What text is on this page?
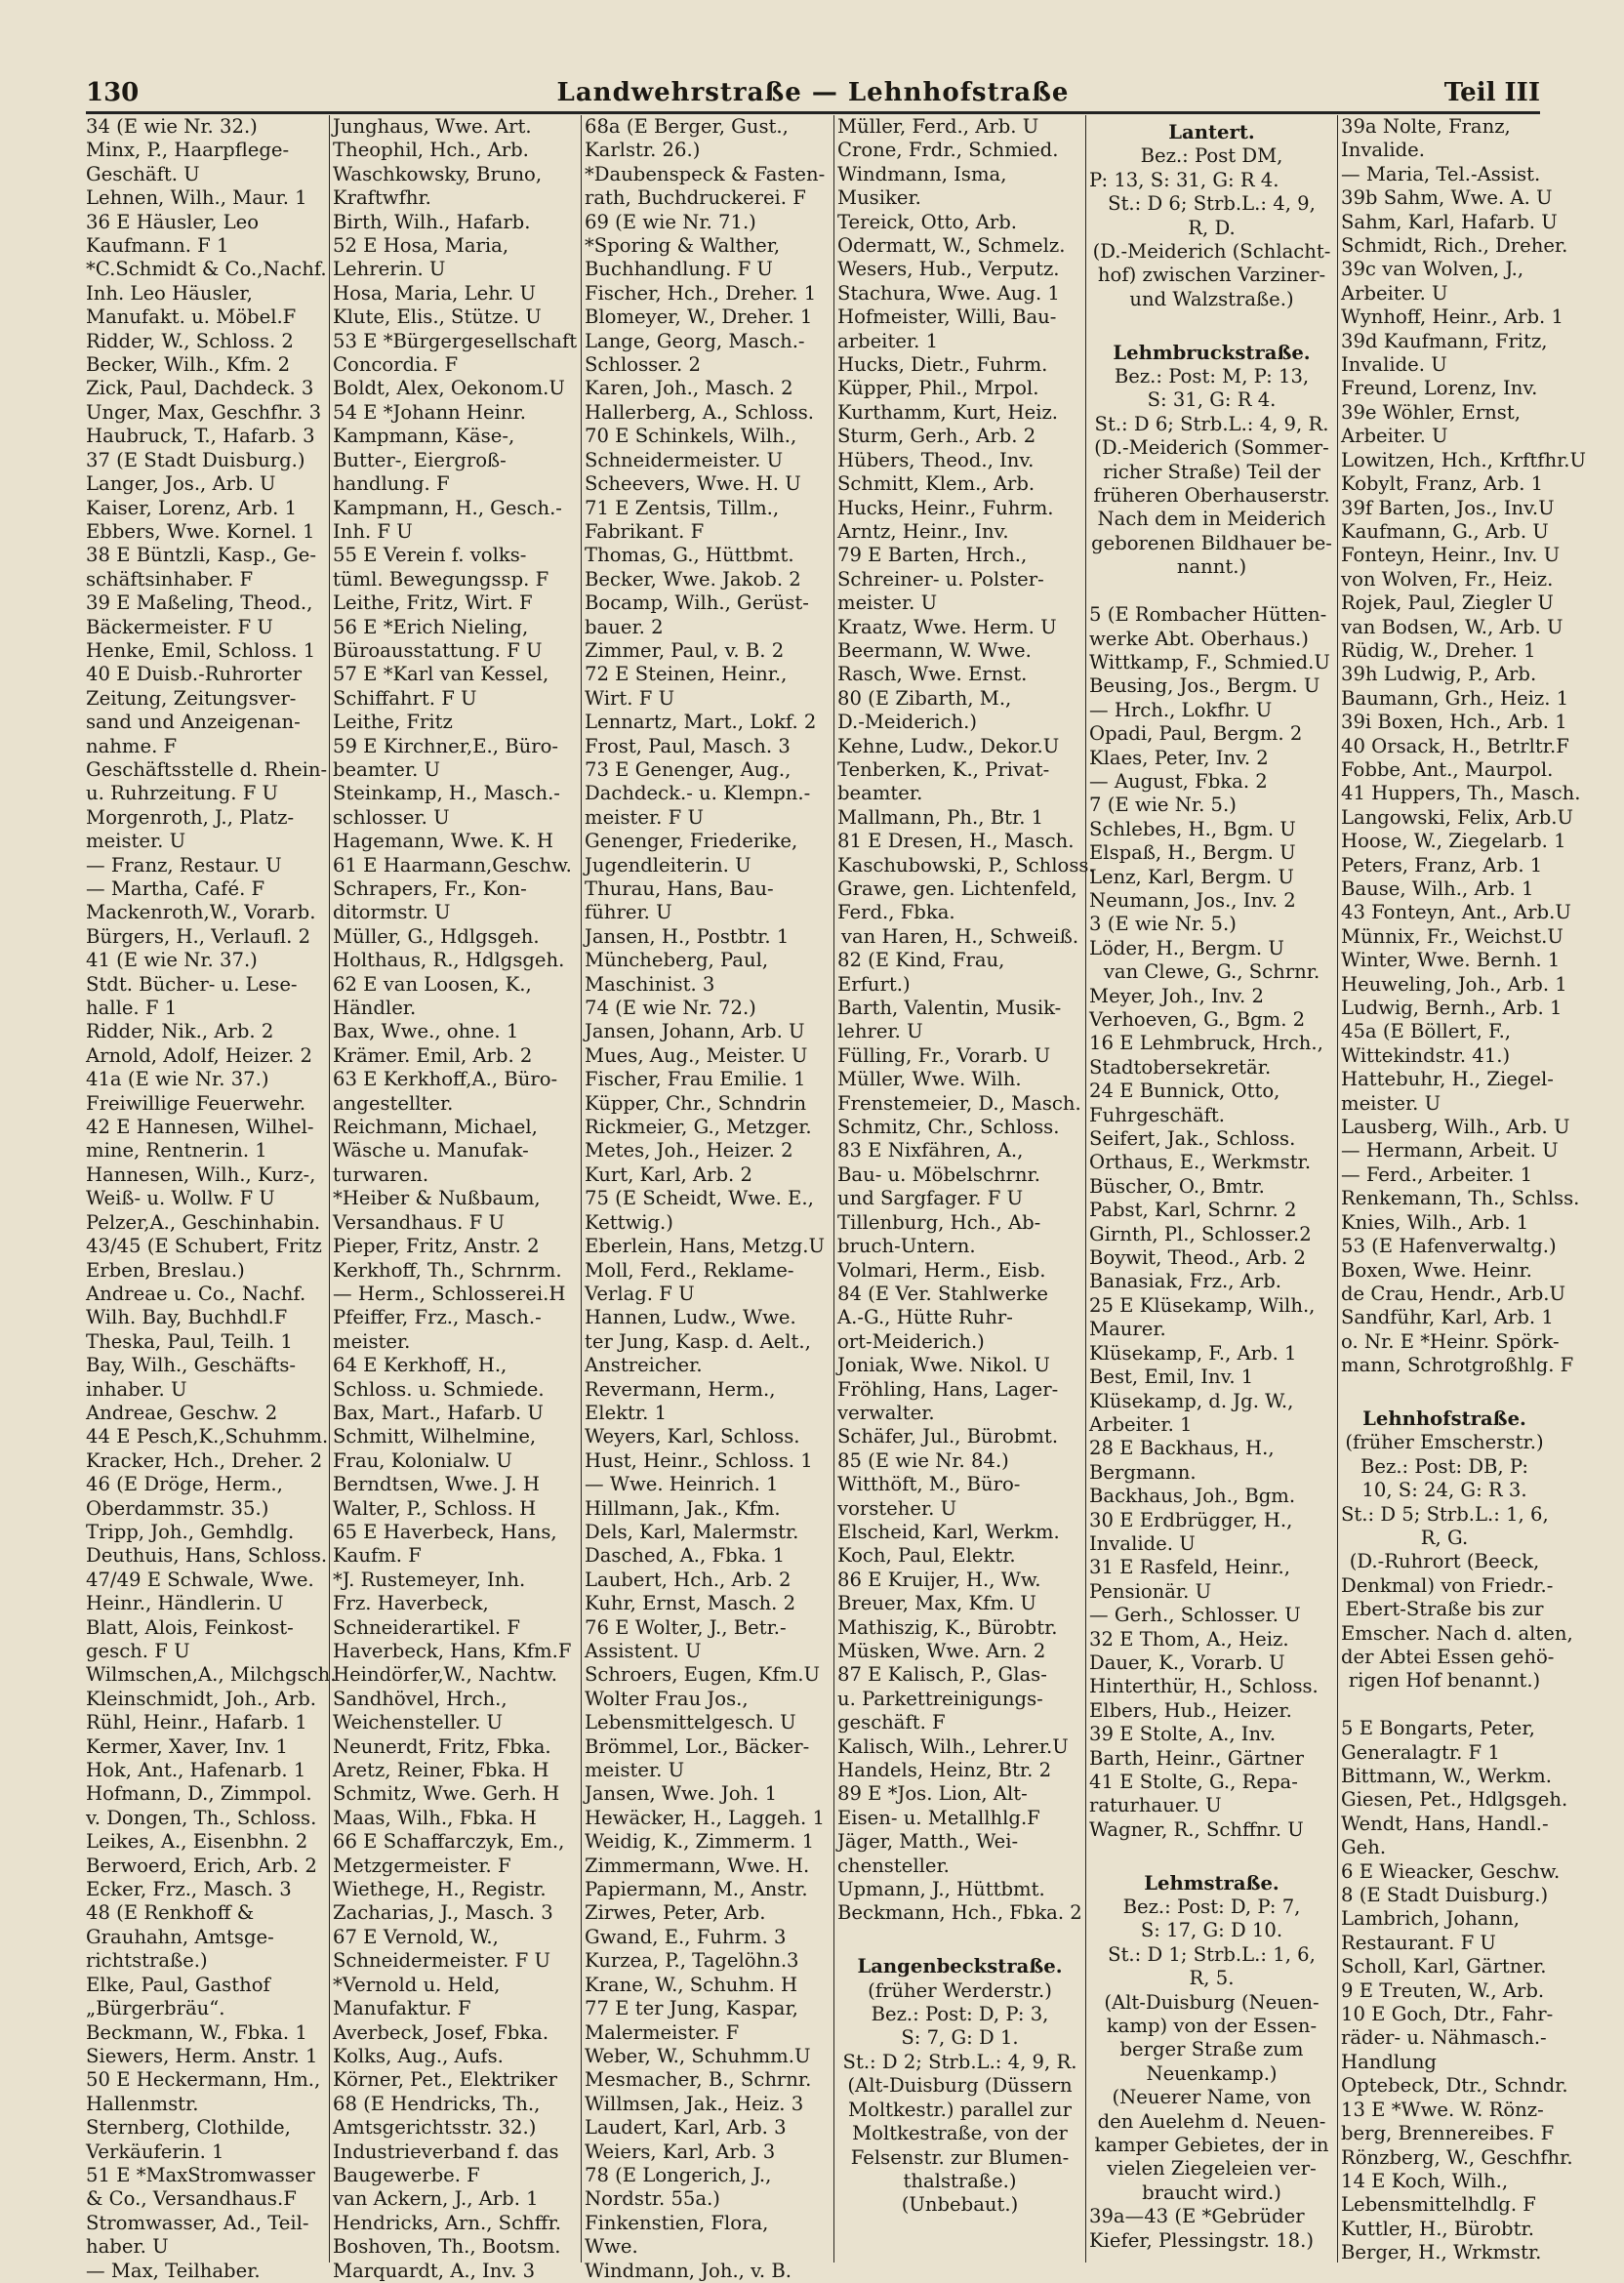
130	Landwehrstraße — Lehnhofstraße	Teil III
34 (E wie Nr. 32.)
Minx, P., Haarpflege-
Geschäft. U
Lehnen, Wilh., Maur. 1
36 E Häusler, Leo
Kaufmann. F 1
*C.Schmidt & Co.,Nachf.
Inh. Leo Häusler,
Manufakt. u. Möbel.F
Ridder, W., Schloss. 2
Becker, Wilh., Kfm. 2
Zick, Paul, Dachdeck. 3
Unger, Max, Geschfhr. 3
Haubruck, T., Hafarb. 3
37 (E Stadt Duisburg.)
Langer, Jos., Arb. U
Kaiser, Lorenz, Arb. 1
Ebbers, Wwe. Kornel. 1
38 E Büntzli, Kasp., Ge-
schäftsinhaber. F
39 E Maßeling, Theod.,
Bäckermeister. F U
Henke, Emil, Schloss. 1
40 E Duisb.-Ruhrorter
Zeitung, Zeitungsver-
sand und Anzeigenan-
nahme. F
Geschäftsstelle d. Rhein-
u. Ruhrzeitung. F U
Morgenroth, J., Platz-
meister. U
— Franz, Restaur. U
— Martha, Café. F
Mackenroth,W., Vorarb.
Bürgers, H., Verlaufl. 2
41 (E wie Nr. 37.)
Stdt. Bücher- u. Lese-
halle. F 1
Ridder, Nik., Arb. 2
Arnold, Adolf, Heizer. 2
41a (E wie Nr. 37.)
Freiwillige Feuerwehr.
42 E Hannesen, Wilhel-
mine, Rentnerin. 1
Hannesen, Wilh., Kurz-,
Weiß- u. Wollw. F U
Pelzer,A., Geschinhabin.
43/45 (E Schubert, Fritz
Erben, Breslau.)
Andreae u. Co., Nachf.
Wilh. Bay, Buchhdl.F
Theska, Paul, Teilh. 1
Bay, Wilh., Geschäfts-
inhaber. U
Andreae, Geschw. 2
44 E Pesch,K.,Schuhmm.
Kracker, Hch., Dreher. 2
46 (E Dröge, Herm.,
Oberdammstr. 35.)
Tripp, Joh., Gemhdlg.
Deuthuis, Hans, Schloss.
47/49 E Schwale, Wwe.
Heinr., Händlerin. U
Blatt, Alois, Feinkost-
gesch. F U
Wilmschen,A., Milchgsch.
Kleinschmidt, Joh., Arb.
Rühl, Heinr., Hafarb. 1
Kermer, Xaver, Inv. 1
Hok, Ant., Hafenarb. 1
Hofmann, D., Zimmpol.
v. Dongen, Th., Schloss.
Leikes, A., Eisenbhn. 2
Berwoerd, Erich, Arb. 2
Ecker, Frz., Masch. 3
48 (E Renkhoff &
Grauhahn, Amtsge-
richtstraße.)
Elke, Paul, Gasthof
„Bürgerbräu“.
Beckmann, W., Fbka. 1
Siewers, Herm. Anstr. 1
50 E Heckermann, Hm.,
Hallenmstr.
Sternberg, Clothilde,
Verkäuferin. 1
51 E *MaxStromwasser
& Co., Versandhaus.F
Stromwasser, Ad., Teil-
haber. U
— Max, Teilhaber.
Junghaus, Wwe. Art.
Theophil, Hch., Arb.
Waschkowsky, Bruno,
Kraftwfhr.
Birth, Wilh., Hafarb.
52 E Hosa, Maria,
Lehrerin. U
Hosa, Maria, Lehr. U
Klute, Elis., Stütze. U
53 E *Bürgergesellschaft
Concordia. F
Boldt, Alex, Oekonom.U
54 E *Johann Heinr.
Kampmann, Käse-,
Butter-, Eiergroß-
handlung. F
Kampmann, H., Gesch.-
Inh. F U
55 E Verein f. volks-
tüml. Bewegungssp. F
Leithe, Fritz, Wirt. F
56 E *Erich Nieling,
Büroausstattung. F U
57 E *Karl van Kessel,
Schiffahrt. F U
Leithe, Fritz
59 E Kirchner,E., Büro-
beamter. U
Steinkamp, H., Masch.-
schlosser. U
Hagemann, Wwe. K. H
61 E Haarmann,Geschw.
Schrapers, Fr., Kon-
ditormstr. U
Müller, G., Hdlgsgeh.
Holthaus, R., Hdlgsgeh.
62 E van Loosen, K.,
Händler.
Bax, Wwe., ohne. 1
Krämer. Emil, Arb. 2
63 E Kerkhoff,A., Büro-
angestellter.
Reichmann, Michael,
Wäsche u. Manufak-
turwaren.
*Heiber & Nußbaum,
Versandhaus. F U
Pieper, Fritz, Anstr. 2
Kerkhoff, Th., Schrnrm.
— Herm., Schlosserei.H
Pfeiffer, Frz., Masch.-
meister.
64 E Kerkhoff, H.,
Schloss. u. Schmiede.
Bax, Mart., Hafarb. U
Schmitt, Wilhelmine,
Frau, Kolonialw. U
Berndtsen, Wwe. J. H
Walter, P., Schloss. H
65 E Haverbeck, Hans,
Kaufm. F
*J. Rustemeyer, Inh.
Frz. Haverbeck,
Schneiderartikel. F
Haverbeck, Hans, Kfm.F
Heindörfer,W., Nachtw.
Sandhövel, Hrch.,
Weichensteller. U
Neunerdt, Fritz, Fbka.
Aretz, Reiner, Fbka. H
Schmitz, Wwe. Gerh. H
Maas, Wilh., Fbka. H
66 E Schaffarczyk, Em.,
Metzgermeister. F
Wiethege, H., Registr.
Zacharias, J., Masch. 3
67 E Vernold, W.,
Schneidermeister. F U
*Vernold u. Held,
Manufaktur. F
Averbeck, Josef, Fbka.
Kolks, Aug., Aufs.
Körner, Pet., Elektriker
68 (E Hendricks, Th.,
Amtsgerichtsstr. 32.)
Industrieverband f. das
Baugewerbe. F
van Ackern, J., Arb. 1
Hendricks, Arn., Schffr.
Boshoven, Th., Bootsm.
Marquardt, A., Inv. 3
68a (E Berger, Gust.,
Karlstr. 26.)
*Daubenspeck & Fasten-
rath, Buchdruckerei. F
69 (E wie Nr. 71.)
*Sporing & Walther,
Buchhandlung. F U
Fischer, Hch., Dreher. 1
Blomeyer, W., Dreher. 1
Lange, Georg, Masch.-
Schlosser. 2
Karen, Joh., Masch. 2
Hallerberg, A., Schloss.
70 E Schinkels, Wilh.,
Schneidermeister. U
Scheevers, Wwe. H. U
71 E Zentsis, Tillm.,
Fabrikant. F
Thomas, G., Hüttbmt.
Becker, Wwe. Jakob. 2
Bocamp, Wilh., Gerüst-
bauer. 2
Zimmer, Paul, v. B. 2
72 E Steinen, Heinr.,
Wirt. F U
Lennartz, Mart., Lokf. 2
Frost, Paul, Masch. 3
73 E Genenger, Aug.,
Dachdeck.- u. Klempn.-
meister. F U
Genenger, Friederike,
Jugendleiterin. U
Thurau, Hans, Bau-
führer. U
Jansen, H., Postbtr. 1
Müncheberg, Paul,
Maschinist. 3
74 (E wie Nr. 72.)
Jansen, Johann, Arb. U
Mues, Aug., Meister. U
Fischer, Frau Emilie. 1
Küpper, Chr., Schndrin
Rickmeier, G., Metzger.
Metes, Joh., Heizer. 2
Kurt, Karl, Arb. 2
75 (E Scheidt, Wwe. E.,
Kettwig.)
Eberlein, Hans, Metzg.U
Moll, Ferd., Reklame-
Verlag. F U
Hannen, Ludw., Wwe.
ter Jung, Kasp. d. Aelt.,
Anstreicher.
Revermann, Herm.,
Elektr. 1
Weyers, Karl, Schloss.
Hust, Heinr., Schloss. 1
— Wwe. Heinrich. 1
Hillmann, Jak., Kfm.
Dels, Karl, Malermstr.
Dasched, A., Fbka. 1
Laubert, Hch., Arb. 2
Kuhr, Ernst, Masch. 2
76 E Wolter, J., Betr.-
Assistent. U
Schroers, Eugen, Kfm.U
Wolter Frau Jos.,
Lebensmittelgesch. U
Brömmel, Lor., Bäcker-
meister. U
Jansen, Wwe. Joh. 1
Hewäcker, H., Laggeh. 1
Weidig, K., Zimmerm. 1
Zimmermann, Wwe. H.
Papiermann, M., Anstr.
Zirwes, Peter, Arb.
Gwand, E., Fuhrm. 3
Kurzea, P., Tagelöhn.3
Krane, W., Schuhm. H
77 E ter Jung, Kaspar,
Malermeister. F
Weber, W., Schuhmm.U
Mesmacher, B., Schrnr.
Willmsen, Jak., Heiz. 3
Laudert, Karl, Arb. 3
Weiers, Karl, Arb. 3
78 (E Longerich, J.,
Nordstr. 55a.)
Finkenstien, Flora,
Wwe.
Windmann, Joh., v. B.
Müller, Ferd., Arb. U
Crone, Frdr., Schmied.
Windmann, Isma,
Musiker.
Tereick, Otto, Arb.
Odermatt, W., Schmelz.
Wesers, Hub., Verputz.
Stachura, Wwe. Aug. 1
Hofmeister, Willi, Bau-
arbeiter. 1
Hucks, Dietr., Fuhrm.
Küpper, Phil., Mrpol.
Kurthamm, Kurt, Heiz.
Sturm, Gerh., Arb. 2
Hübers, Theod., Inv.
Schmitt, Klem., Arb.
Hucks, Heinr., Fuhrm.
Arntz, Heinr., Inv.
79 E Barten, Hrch.,
Schreiner- u. Polster-
meister. U
Kraatz, Wwe. Herm. U
Beermann, W. Wwe.
Rasch, Wwe. Ernst.
80 (E Zibarth, M.,
D.-Meiderich.)
Kehne, Ludw., Dekor.U
Tenberken, K., Privat-
beamter.
Mallmann, Ph., Btr. 1
81 E Dresen, H., Masch.
Kaschubowski, P., Schloss.
Grawe, gen. Lichtenfeld,
Ferd., Fbka.
van Haren, H., Schweiß.
82 (E Kind, Frau,
Erfurt.)
Barth, Valentin, Musik-
lehrer. U
Fülling, Fr., Vorarb. U
Müller, Wwe. Wilh.
Frenstemeier, D., Masch.
Schmitz, Chr., Schloss.
83 E Nixfähren, A.,
Bau- u. Möbelschrnr.
und Sargfager. F U
Tillenburg, Hch., Ab-
bruch-Untern.
Volmari, Herm., Eisb.
84 (E Ver. Stahlwerke
A.-G., Hütte Ruhr-
ort-Meiderich.)
Joniak, Wwe. Nikol. U
Fröhling, Hans, Lager-
verwalter.
Schäfer, Jul., Bürobmt.
85 (E wie Nr. 84.)
Witthöft, M., Büro-
vorsteher. U
Elscheid, Karl, Werkm.
Koch, Paul, Elektr.
86 E Kruijer, H., Ww.
Breuer, Max, Kfm. U
Mathiszig, K., Bürobtr.
Müsken, Wwe. Arn. 2
87 E Kalisch, P., Glas-
u. Parkettreinigungs-
geschäft. F
Kalisch, Wilh., Lehrer.U
Handels, Heinz, Btr. 2
89 E *Jos. Lion, Alt-
Eisen- u. Metallhlg.F
Jäger, Matth., Wei-
chensteller.
Upmann, J., Hüttbmt.
Beckmann, Hch., Fbka. 2
Langenbeckstraße.
(früher Werderstr.)
Bez.: Post: D, P: 3,
S: 7, G: D 1.
St.: D 2; Strb.L.: 4, 9, R.
(Alt-Duisburg (Düssern
Moltkestr.) parallel zur
Moltkestraße, von der
Felsenstr. zur Blumen-
thalstraße.)
(Unbebaut.)
Lantert.
Bez.: Post DM,
P: 13, S: 31, G: R 4.
St.: D 6; Strb.L.: 4, 9,
R, D.
(D.-Meiderich (Schlacht-
hof) zwischen Varziner-
und Walzstraße.)
Lehmbruckstraße.
Bez.: Post: M, P: 13,
S: 31, G: R 4.
St.: D 6; Strb.L.: 4, 9, R.
(D.-Meiderich (Sommer-
richer Straße) Teil der
früheren Oberhauserstr.
Nach dem in Meiderich
geborenen Bildhauer be-
nannt.)
5 (E Rombacher Hütten-
werke Abt. Oberhaus.)
Wittkamp, F., Schmied.U
Beusing, Jos., Bergm. U
— Hrch., Lokfhr. U
Opadi, Paul, Bergm. 2
Klaes, Peter, Inv. 2
— August, Fbka. 2
7 (E wie Nr. 5.)
Schlebes, H., Bgm. U
Elspaß, H., Bergm. U
Lenz, Karl, Bergm. U
Neumann, Jos., Inv. 2
3 (E wie Nr. 5.)
Löder, H., Bergm. U
van Clewe, G., Schrnr.
Meyer, Joh., Inv. 2
Verhoeven, G., Bgm. 2
16 E Lehmbruck, Hrch.,
Stadtobersekretär.
24 E Bunnick, Otto,
Fuhrgeschäft.
Seifert, Jak., Schloss.
Orthaus, E., Werkmstr.
Büscher, O., Bmtr.
Pabst, Karl, Schrnr. 2
Girnth, Pl., Schlosser.2
Boywit, Theod., Arb. 2
Banasiak, Frz., Arb.
25 E Klüsekamp, Wilh.,
Maurer.
Klüsekamp, F., Arb. 1
Best, Emil, Inv. 1
Klüsekamp, d. Jg. W.,
Arbeiter. 1
28 E Backhaus, H.,
Bergmann.
Backhaus, Joh., Bgm.
30 E Erdbrügger, H.,
Invalide. U
31 E Rasfeld, Heinr.,
Pensionär. U
— Gerh., Schlosser. U
32 E Thom, A., Heiz.
Dauer, K., Vorarb. U
Hinterthür, H., Schloss.
Elbers, Hub., Heizer.
39 E Stolte, A., Inv.
Barth, Heinr., Gärtner
41 E Stolte, G., Repa-
raturhauer. U
Wagner, R., Schffnr. U
Lehmstraße.
Bez.: Post: D, P: 7,
S: 17, G: D 10.
St.: D 1; Strb.L.: 1, 6,
R, 5.
(Alt-Duisburg (Neuen-
kamp) von der Essen-
berger Straße zum
Neuenkamp.)
(Neuerer Name, von
den Auelehm d. Neuen-
kamper Gebietes, der in
vielen Ziegeleien ver-
braucht wird.)
39a—43 (E *Gebrüder
Kiefer, Plessingstr. 18.)
39a Nolte, Franz,
Invalide.
— Maria, Tel.-Assist.
39b Sahm, Wwe. A. U
Sahm, Karl, Hafarb. U
Schmidt, Rich., Dreher.
39c van Wolven, J.,
Arbeiter. U
Wynhoff, Heinr., Arb. 1
39d Kaufmann, Fritz,
Invalide. U
Freund, Lorenz, Inv.
39e Wöhler, Ernst,
Arbeiter. U
Lowitzen, Hch., Krftfhr.U
Kobylt, Franz, Arb. 1
39f Barten, Jos., Inv.U
Kaufmann, G., Arb. U
Fonteyn, Heinr., Inv. U
von Wolven, Fr., Heiz.
Rojek, Paul, Ziegler U
van Bodsen, W., Arb. U
Rüdig, W., Dreher. 1
39h Ludwig, P., Arb.
Baumann, Grh., Heiz. 1
39i Boxen, Hch., Arb. 1
40 Orsack, H., Betrltr.F
Fobbe, Ant., Maurpol.
41 Huppers, Th., Masch.
Langowski, Felix, Arb.U
Hoose, W., Ziegelarb. 1
Peters, Franz, Arb. 1
Bause, Wilh., Arb. 1
43 Fonteyn, Ant., Arb.U
Münnix, Fr., Weichst.U
Winter, Wwe. Bernh. 1
Heuweling, Joh., Arb. 1
Ludwig, Bernh., Arb. 1
45a (E Böllert, F.,
Wittekindstr. 41.)
Hattebuhr, H., Ziegel-
meister. U
Lausberg, Wilh., Arb. U
— Hermann, Arbeit. U
— Ferd., Arbeiter. 1
Renkemann, Th., Schlss.
Knies, Wilh., Arb. 1
53 (E Hafenverwaltg.)
Boxen, Wwe. Heinr.
de Crau, Hendr., Arb.U
Sandführ, Karl, Arb. 1
o. Nr. E *Heinr. Spörk-
mann, Schrotgroßhlg. F
Lehnhofstraße.
(früher Emscherstr.)
Bez.: Post: DB, P:
10, S: 24, G: R 3.
St.: D 5; Strb.L.: 1, 6,
R, G.
(D.-Ruhrort (Beeck,
Denkmal) von Friedr.-
Ebert-Straße bis zur
Emscher. Nach d. alten,
der Abtei Essen gehö-
rigen Hof benannt.)
5 E Bongarts, Peter,
Generalagtr. F 1
Bittmann, W., Werkm.
Giesen, Pet., Hdlgsgeh.
Wendt, Hans, Handl.-
Geh.
6 E Wieacker, Geschw.
8 (E Stadt Duisburg.)
Lambrich, Johann,
Restaurant. F U
Scholl, Karl, Gärtner.
9 E Treuten, W., Arb.
10 E Goch, Dtr., Fahr-
räder- u. Nähmasch.-
Handlung
Optebeck, Dtr., Schndr.
13 E *Wwe. W. Rönz-
berg, Brennereibes. F
Rönzberg, W., Geschfhr.
14 E Koch, Wilh.,
Lebensmittelhdlg. F
Kuttler, H., Bürobtr.
Berger, H., Wrkmstr.
